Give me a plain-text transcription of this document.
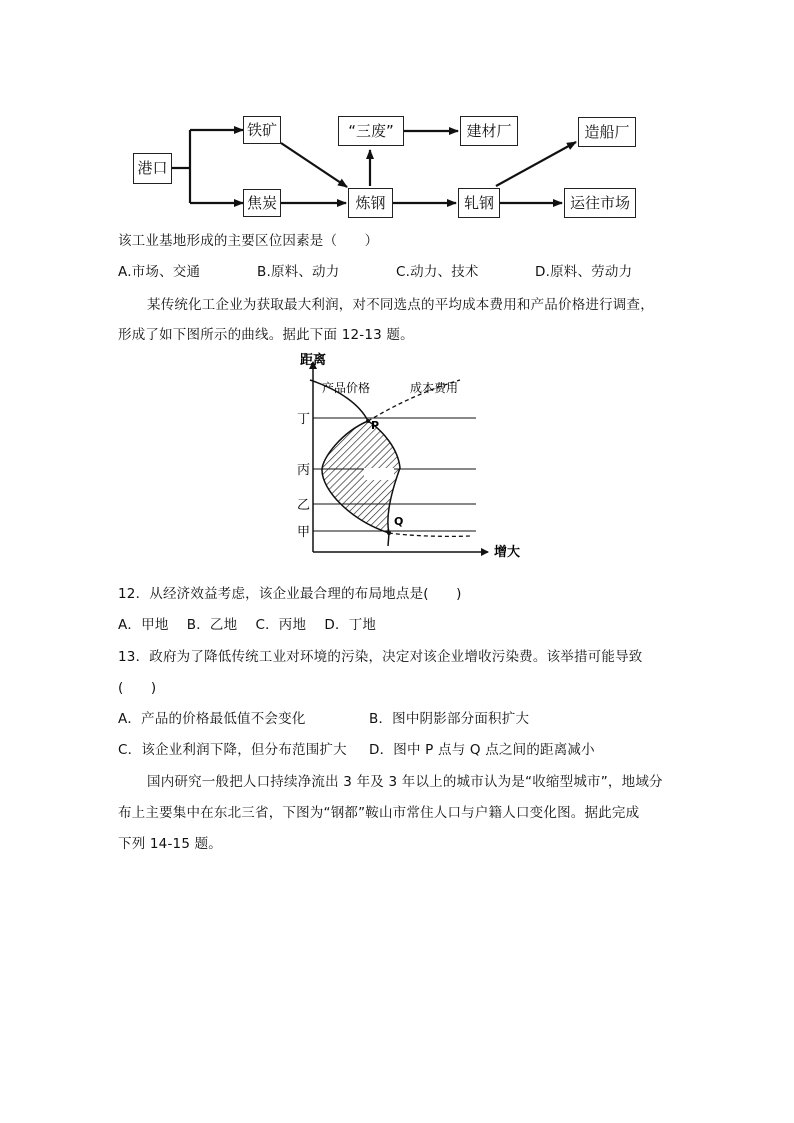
港口
铁矿
焦炭
“三废”	建材厂
炼钢	轧钢
造船厂
运往市场
该工业基地形成的主要区位因素是（　　）
A.市场、交通	B.原料、动力	C.动力、技术	D.原料、劳动力
某传统化工企业为获取最大利润，对不同选点的平均成本费用和产品价格进行调查，
形成了如下图所示的曲线。据此下面 12-13 题。
距离
增大
产品价格	成本费用
丁
丙
乙
甲
P
Q
12．从经济效益考虑，该企业最合理的布局地点是(　　)
A．甲地　 B．乙地　 C．丙地　 D．丁地
13．政府为了降低传统工业对环境的污染，决定对该企业增收污染费。该举措可能导致
(　　)
A．产品的价格最低值不会变化	B．图中阴影部分面积扩大
C．该企业利润下降，但分布范围扩大 D．图中 P 点与 Q 点之间的距离减小
国内研究一般把人口持续净流出 3 年及 3 年以上的城市认为是“收缩型城市”，地域分
布上主要集中在东北三省，下图为“钢都”鞍山市常住人口与户籍人口变化图。据此完成
下列 14-15 题。
